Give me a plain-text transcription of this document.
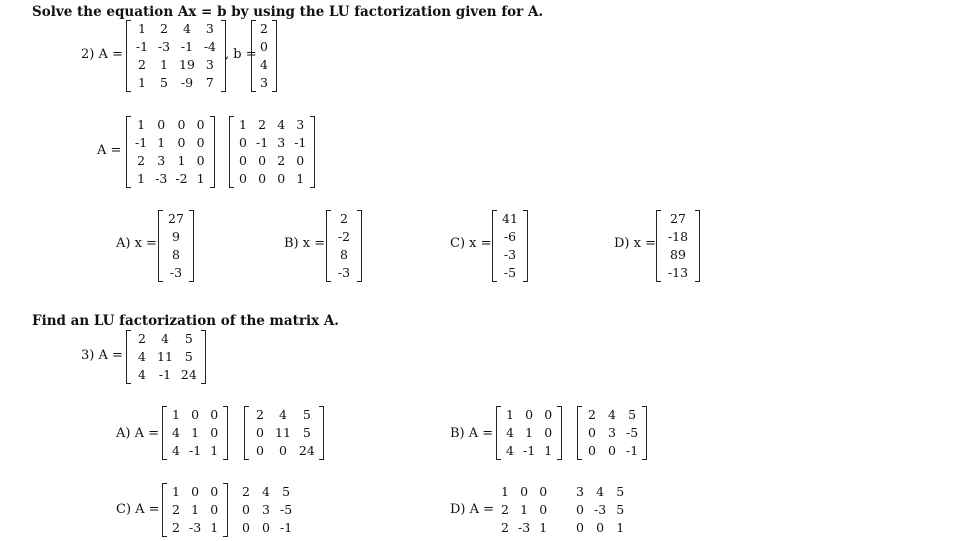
Solve the equation Ax = b by using the LU factorization given for A.
2) A =
1	2	4	3
-1	-3	-1	-4
2	1	19	3
1	5	-9	7
, b =
2
0
4
3
A =
1	0	0	0
-1	1	0	0
2	3	1	0
1	-3	-2	1
1	2	4	3
0	-1	3	-1
0	0	2	0
0	0	0	1
A) x =
27
9
8
-3
B) x =
2
-2
8
-3
C) x =
41
-6
-3
-5
D) x =
27
-18
89
-13
Find an LU factorization of the matrix A.
3) A =
2	4	5
4	11	5
4	-1	24
A) A =
1	0	0
4	1	0
4	-1	1
2	4	5
0	11	5
0	0	24
B) A =
1	0	0
4	1	0
4	-1	1
2	4	5
0	3	-5
0	0	-1
C) A =
1	0	0
2	1	0
2	-3	1
2	4	5
0	3	-5
0	0	-1
D) A =
1	0	0
2	1	0
2	-3	1
3	4	5
0	-3	5
0	0	1
